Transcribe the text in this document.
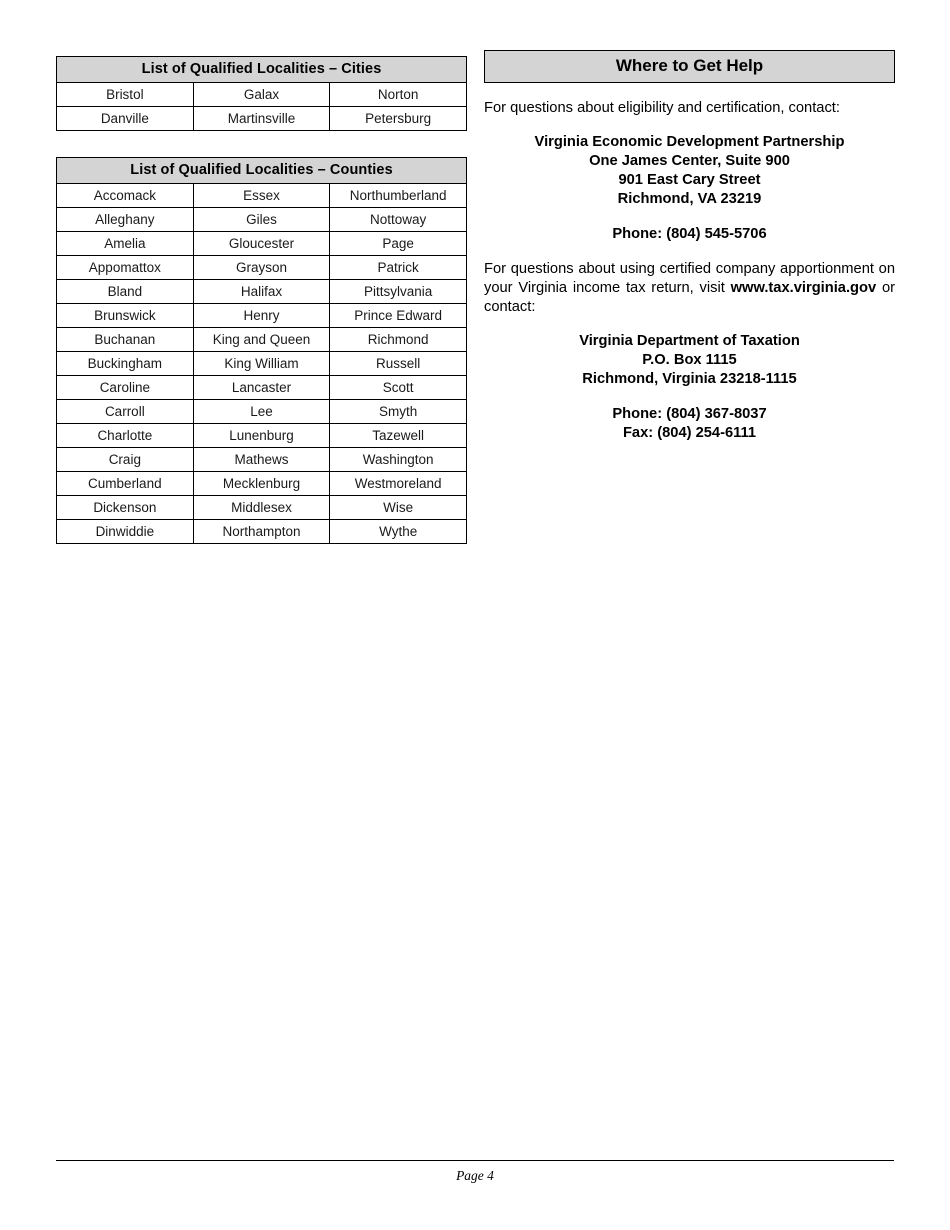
List of Qualified Localities – Cities		
Bristol	Galax	Norton
Danville	Martinsville	Petersburg
List of Qualified Localities – Counties		
Accomack	Essex	Northumberland
Alleghany	Giles	Nottoway
Amelia	Gloucester	Page
Appomattox	Grayson	Patrick
Bland	Halifax	Pittsylvania
Brunswick	Henry	Prince Edward
Buchanan	King and Queen	Richmond
Buckingham	King William	Russell
Caroline	Lancaster	Scott
Carroll	Lee	Smyth
Charlotte	Lunenburg	Tazewell
Craig	Mathews	Washington
Cumberland	Mecklenburg	Westmoreland
Dickenson	Middlesex	Wise
Dinwiddie	Northampton	Wythe
Where to Get Help
For questions about eligibility and certification, contact:
Virginia Economic Development Partnership
One James Center, Suite 900
901 East Cary Street
Richmond, VA 23219
Phone: (804) 545-5706
For questions about using certified company apportionment on your Virginia income tax return, visit www.tax.virginia.gov or contact:
Virginia Department of Taxation
P.O. Box 1115
Richmond, Virginia 23218-1115
Phone: (804) 367-8037
Fax: (804) 254-6111
Page 4
